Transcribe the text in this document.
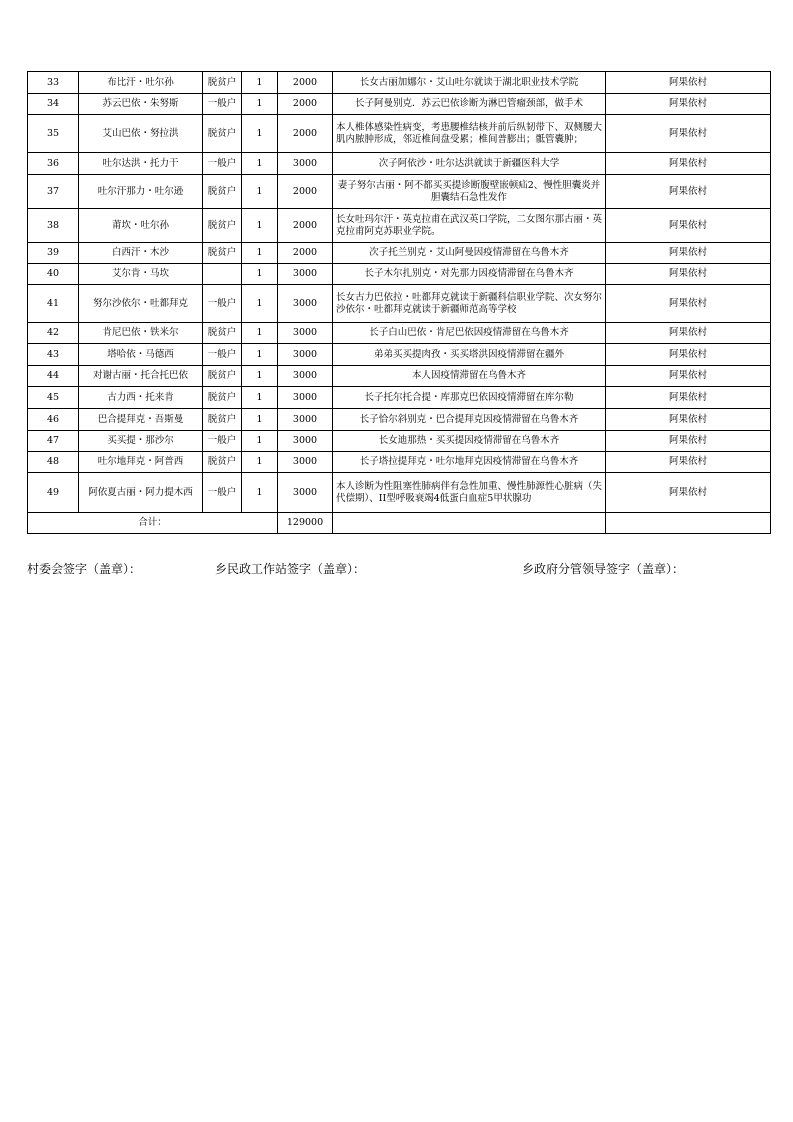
33	布比汗・吐尔孙	脱贫户	1	2000	长女古丽加娜尔・艾山吐尔就读于湖北职业技术学院	阿果依村
34	苏云巴依・朱努斯	一般户	1	2000	长子阿曼别克．苏云巴依诊断为淋巴管瘤颈部，做手术	阿果依村
35	艾山巴依・努拉洪	脱贫户	1	2000	本人椎体感染性病变，考患腰椎结核并前后纵韧带下、双侧腰大肌内脓肿形成，邻近椎间盘受累；椎间普膨出；骶管囊肿；	阿果依村
36	吐尔达洪・托力干	一般户	1	3000	次子阿依沙・吐尔达洪就读于新疆医科大学	阿果依村
37	吐尔汗那力・吐尔逊	脱贫户	1	2000	妻子努尔古丽・阿不都买买提诊断腹壁嵌顿疝2、慢性胆囊炎并胆囊结石急性发作	阿果依村
38	莆坎・吐尔孙	脱贫户	1	2000	长女吐玛尔汗・英克拉甫在武汉英口学院，二女图尔那古丽・英克拉甫阿克苏职业学院。	阿果依村
39	白西汗・木沙	脱贫户	1	2000	次子托兰别克・艾山阿曼因疫情滞留在乌鲁木齐	阿果依村
40	艾尔肯・马坎		1	3000	长子木尔扎别克・对先那力因疫情滞留在乌鲁木齐	阿果依村
41	努尔沙依尔・吐都拜克	一般户	1	3000	长女古力巴依拉・吐都拜克就读于新疆科信职业学院、次女努尔沙依尔・吐都拜克就读于新疆师范高等学校	阿果依村
42	肯尼巴依・铁米尔	脱贫户	1	3000	长子白山巴依・肯尼巴依因疫情滞留在乌鲁木齐	阿果依村
43	塔哈依・马德西	一般户	1	3000	弟弟买买提肉孜・买买塔洪因疫情滞留在疆外	阿果依村
44	对谢古丽・托合托巴依	脱贫户	1	3000	本人因疫情滞留在乌鲁木齐	阿果依村
45	古力西・托来肯	脱贫户	1	3000	长子托尔托合提・库那克巴依因疫情滞留在库尔勒	阿果依村
46	巴合提拜克・吾斯曼	脱贫户	1	3000	长子恰尔斜别克・巴合提拜克因疫情滞留在乌鲁木齐	阿果依村
47	买买提・那沙尔	一般户	1	3000	长女迪那热・买买提因疫情滞留在乌鲁木齐	阿果依村
48	吐尔地拜克・阿普西	脱贫户	1	3000	长子塔拉提拜克・吐尔地拜克因疫情滞留在乌鲁木齐	阿果依村
49	阿依夏古丽・阿力提木西	一般户	1	3000	本人诊断为性阻塞性肺病伴有急性加重、慢性肺源性心脏病（失代偿期）、II型呼吸衰竭4低蛋白血症5甲状腺功	阿果依村
合计：				129000		
村委会签字（盖章）：	乡民政工作站签字（盖章）：	乡政府分管领导签字（盖章）：
